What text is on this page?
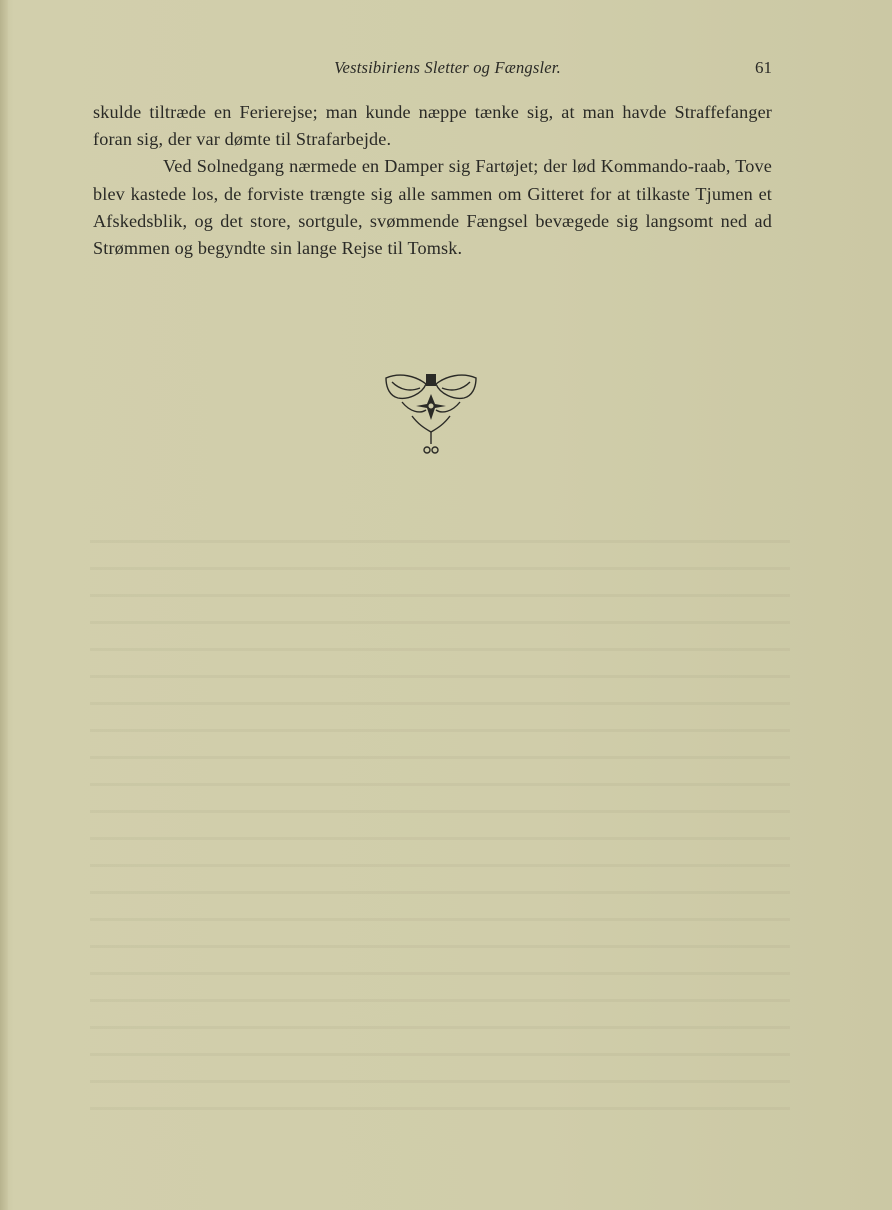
Vestsibiriens Sletter og Fængsler.	61

skulde tiltræde en Ferierejse; man kunde næppe tænke sig, at man havde Straffefanger foran sig, der var dømte til Strafarbejde.

Ved Solnedgang nærmede en Damper sig Fartøjet; der lød Kommando-raab, Tove blev kastede los, de forviste trængte sig alle sammen om Gitteret for at tilkaste Tjumen et Afskedsblik, og det store, sortgule, svømmende Fængsel bevægede sig langsomt ned ad Strømmen og begyndte sin lange Rejse til Tomsk.
